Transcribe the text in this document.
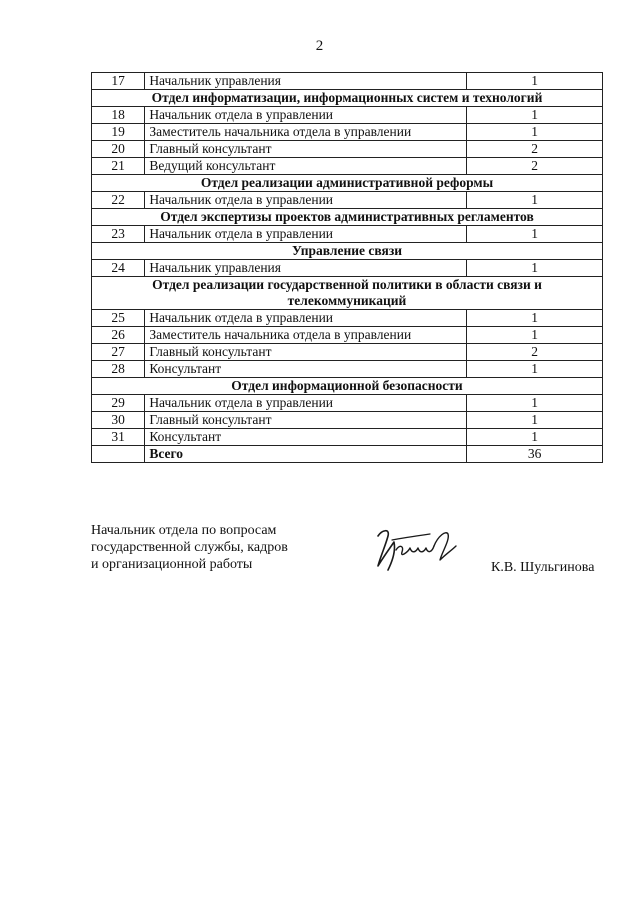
2
17	Начальник управления	1
Отдел информатизации, информационных систем и технологий		
18	Начальник отдела в управлении	1
19	Заместитель начальника отдела в управлении	1
20	Главный консультант	2
21	Ведущий консультант	2
Отдел реализации административной реформы		
22	Начальник отдела в управлении	1
Отдел экспертизы проектов административных регламентов		
23	Начальник отдела в управлении	1
Управление связи		
24	Начальник управления	1
Отдел реализации государственной политики в области связи и телекоммуникаций		
25	Начальник отдела в управлении	1
26	Заместитель начальника отдела в управлении	1
27	Главный консультант	2
28	Консультант	1
Отдел информационной безопасности		
29	Начальник отдела в управлении	1
30	Главный консультант	1
31	Консультант	1
	Всего	36
Начальник отдела по вопросам
государственной службы, кадров
и организационной работы	К.В. Шульгинова
